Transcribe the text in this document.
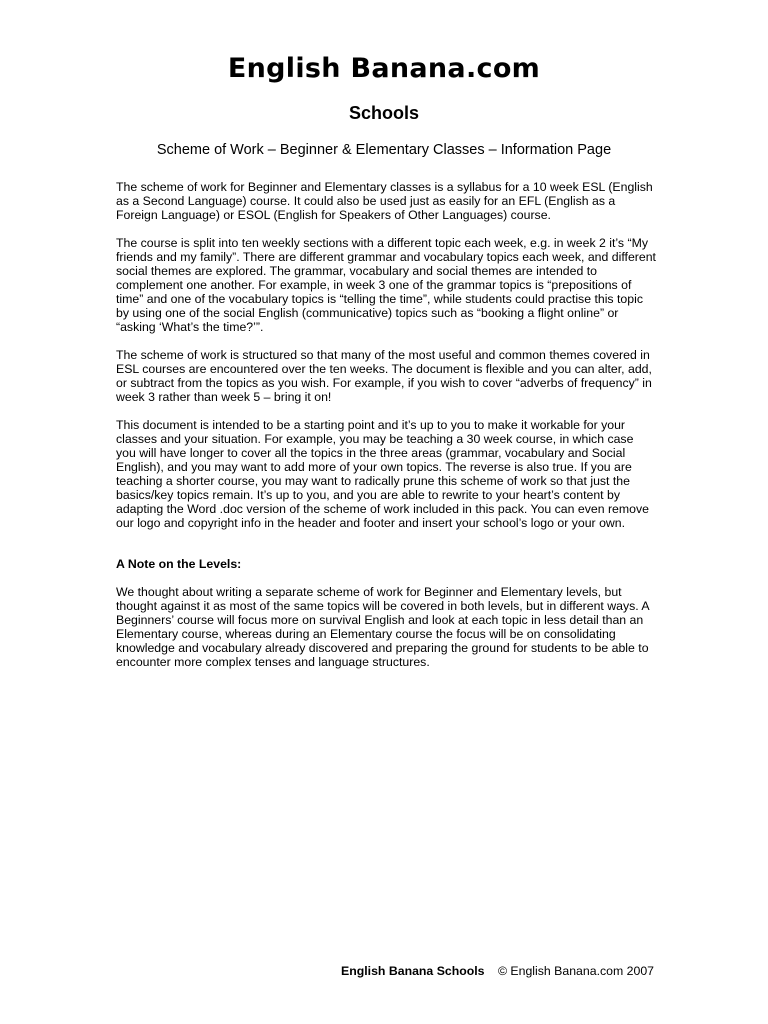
English Banana.com
Schools
Scheme of Work – Beginner & Elementary Classes – Information Page

The scheme of work for Beginner and Elementary classes is a syllabus for a 10 week ESL (English as a Second Language) course. It could also be used just as easily for an EFL (English as a Foreign Language) or ESOL (English for Speakers of Other Languages) course.

The course is split into ten weekly sections with a different topic each week, e.g. in week 2 it’s “My friends and my family”. There are different grammar and vocabulary topics each week, and different social themes are explored. The grammar, vocabulary and social themes are intended to complement one another. For example, in week 3 one of the grammar topics is “prepositions of time” and one of the vocabulary topics is “telling the time”, while students could practise this topic by using one of the social English (communicative) topics such as “booking a flight online” or “asking ‘What’s the time?’”.

The scheme of work is structured so that many of the most useful and common themes covered in ESL courses are encountered over the ten weeks. The document is flexible and you can alter, add, or subtract from the topics as you wish. For example, if you wish to cover “adverbs of frequency” in week 3 rather than week 5 – bring it on!

This document is intended to be a starting point and it’s up to you to make it workable for your classes and your situation. For example, you may be teaching a 30 week course, in which case you will have longer to cover all the topics in the three areas (grammar, vocabulary and Social English), and you may want to add more of your own topics. The reverse is also true. If you are teaching a shorter course, you may want to radically prune this scheme of work so that just the basics/key topics remain. It’s up to you, and you are able to rewrite to your heart’s content by adapting the Word .doc version of the scheme of work included in this pack. You can even remove our logo and copyright info in the header and footer and insert your school’s logo or your own.

A Note on the Levels:

We thought about writing a separate scheme of work for Beginner and Elementary levels, but thought against it as most of the same topics will be covered in both levels, but in different ways. A Beginners’ course will focus more on survival English and look at each topic in less detail than an Elementary course, whereas during an Elementary course the focus will be on consolidating knowledge and vocabulary already discovered and preparing the ground for students to be able to encounter more complex tenses and language structures.

English Banana Schools © English Banana.com 2007
